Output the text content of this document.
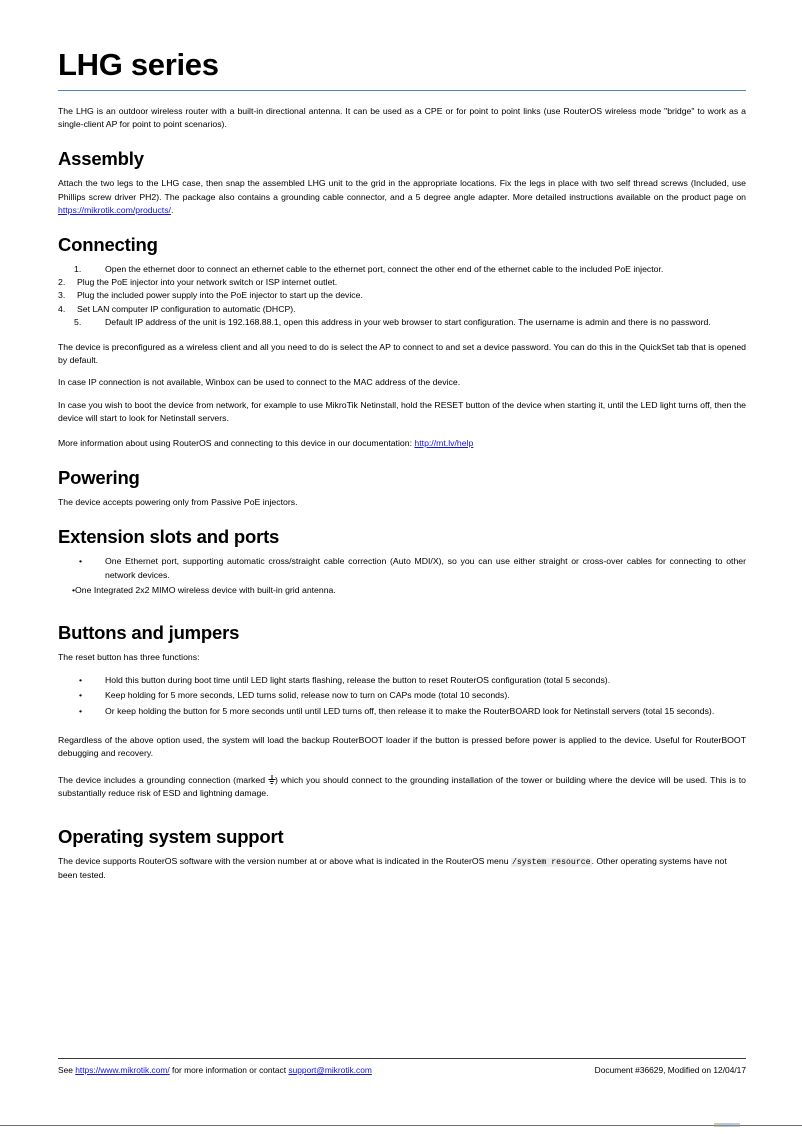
LHG series

The LHG is an outdoor wireless router with a built-in directional antenna. It can be used as a CPE or for point to point links (use RouterOS wireless mode "bridge" to work as a single-client AP for point to point scenarios).

Assembly

Attach the two legs to the LHG case, then snap the assembled LHG unit to the grid in the appropriate locations. Fix the legs in place with two self thread screws (Included, use Phillips screw driver PH2). The package also contains a grounding cable connector, and a 5 degree angle adapter. More detailed instructions available on the product page on https://mikrotik.com/products/.

Connecting
1.	Open the ethernet door to connect an ethernet cable to the ethernet port, connect the other end of the ethernet cable to the included PoE injector.
2. Plug the PoE injector into your network switch or ISP internet outlet.
3. Plug the included power supply into the PoE injector to start up the device.
4. Set LAN computer IP configuration to automatic (DHCP).
5.	Default IP address of the unit is 192.168.88.1, open this address in your web browser to start configuration. The username is admin and there is no password.

The device is preconfigured as a wireless client and all you need to do is select the AP to connect to and set a device password. You can do this in the QuickSet tab that is opened by default.

In case IP connection is not available, Winbox can be used to connect to the MAC address of the device.

In case you wish to boot the device from network, for example to use MikroTik Netinstall, hold the RESET button of the device when starting it, until the LED light turns off, then the device will start to look for Netinstall servers.

More information about using RouterOS and connecting to this device in our documentation: http://mt.lv/help

Powering

The device accepts powering only from Passive PoE injectors.

Extension slots and ports
•	One Ethernet port, supporting automatic cross/straight cable correction (Auto MDI/X), so you can use either straight or cross-over cables for connecting to other network devices.
•One Integrated 2x2 MIMO wireless device with built-in grid antenna.
Buttons and jumpers

The reset button has three functions:

•	Hold this button during boot time until LED light starts flashing, release the button to reset RouterOS configuration (total 5 seconds).
•	Keep holding for 5 more seconds, LED turns solid, release now to turn on CAPs mode (total 10 seconds).
•	Or keep holding the button for 5 more seconds until until LED turns off, then release it to make the RouterBOARD look for Netinstall servers (total 15 seconds).

Regardless of the above option used, the system will load the backup RouterBOOT loader if the button is pressed before power is applied to the device. Useful for RouterBOOT debugging and recovery.

The device includes a grounding connection (marked
) which you should connect to the grounding installation of the tower or building where the device will be used. This is to substantially reduce risk of ESD and lightning damage.

Operating system support

The device supports RouterOS software with the version number at or above what is indicated in the RouterOS menu /system resource. Other operating systems have not been tested.

See https://www.mikrotik.com/ for more information or contact support@mikrotik.com	Document #36629, Modified on 12/04/17
